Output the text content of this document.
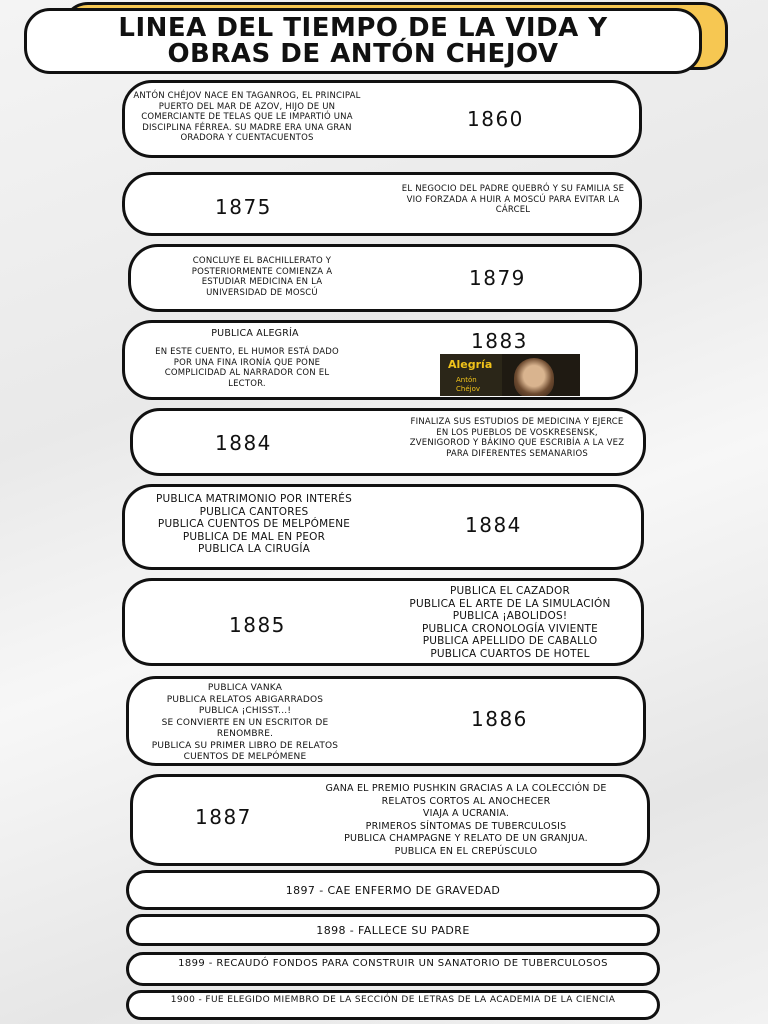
LINEA DEL TIEMPO DE LA VIDA Y OBRAS DE ANTÓN CHEJOV
ANTÓN CHÉJOV NACE EN TAGANROG, EL PRINCIPAL PUERTO DEL MAR DE AZOV, HIJO DE UN COMERCIANTE DE TELAS QUE LE IMPARTIÓ UNA DISCIPLINA FÉRREA. SU MADRE ERA UNA GRAN ORADORA Y CUENTACUENTOS
1860
1875
EL NEGOCIO DEL PADRE QUEBRÓ Y SU FAMILIA SE VIO FORZADA A HUIR A MOSCÚ PARA EVITAR LA CÁRCEL
CONCLUYE EL BACHILLERATO Y POSTERIORMENTE COMIENZA A ESTUDIAR MEDICINA EN LA UNIVERSIDAD DE MOSCÚ
1879
PUBLICA ALEGRÍA
EN ESTE CUENTO, EL HUMOR ESTÁ DADO POR UNA FINA IRONÍA QUE PONE COMPLICIDAD AL NARRADOR CON EL LECTOR.
1883
Alegría
Antón
Chéjov
1884
FINALIZA SUS ESTUDIOS DE MEDICINA Y EJERCE EN LOS PUEBLOS DE VOSKRESENSK, ZVENIGOROD Y BÁKINO QUE ESCRIBÍA A LA VEZ PARA DIFERENTES SEMANARIOS
PUBLICA MATRIMONIO POR INTERÉS
PUBLICA CANTORES
PUBLICA CUENTOS DE MELPÓMENE
PUBLICA DE MAL EN PEOR
PUBLICA LA CIRUGÍA
1884
1885
PUBLICA EL CAZADOR
PUBLICA EL ARTE DE LA SIMULACIÓN
PUBLICA ¡ABOLIDOS!
PUBLICA CRONOLOGÍA VIVIENTE
PUBLICA APELLIDO DE CABALLO
PUBLICA CUARTOS DE HOTEL
PUBLICA VANKA
PUBLICA RELATOS ABIGARRADOS
PUBLICA ¡CHISST...!
SE CONVIERTE EN UN ESCRITOR DE RENOMBRE.
PUBLICA SU PRIMER LIBRO DE RELATOS CUENTOS DE MELPÓMENE
1886
1887
GANA EL PREMIO PUSHKIN GRACIAS A LA COLECCIÓN DE RELATOS CORTOS AL ANOCHECER
VIAJA A UCRANIA.
PRIMEROS SÍNTOMAS DE TUBERCULOSIS
PUBLICA CHAMPAGNE Y RELATO DE UN GRANJUA.
PUBLICA EN EL CREPÚSCULO
1897 - CAE ENFERMO DE GRAVEDAD
1898 - FALLECE SU PADRE
1899 - RECAUDÓ FONDOS PARA CONSTRUIR UN SANATORIO DE TUBERCULOSOS
1900 - FUE ELEGIDO MIEMBRO DE LA SECCIÓN DE LETRAS DE LA ACADEMIA DE LA CIENCIA
